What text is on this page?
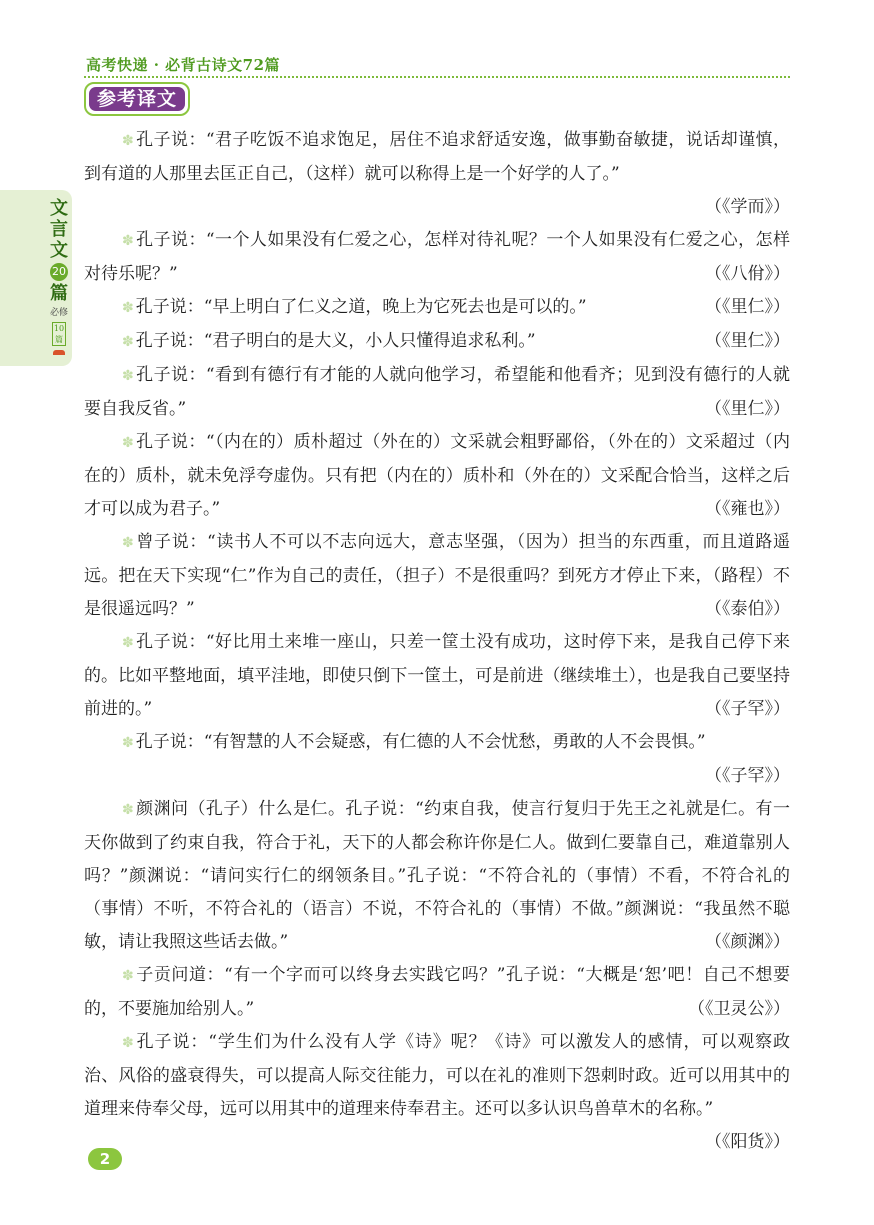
高考快递 · 必背古诗文72篇
参考译文
文
言
文
20
篇
必修
10篇

✽ 孔子说：“君子吃饭不追求饱足，居住不追求舒适安逸，做事勤奋敏捷，说话却谨慎，到有道的人那里去匡正自己，（这样）就可以称得上是一个好学的人了。”

（《学而》）

✽ 孔子说：“一个人如果没有仁爱之心，怎样对待礼呢？一个人如果没有仁爱之心，怎样对待乐呢？”	（《八佾》）

✽ 孔子说：“早上明白了仁义之道，晚上为它死去也是可以的。”	（《里仁》）

✽ 孔子说：“君子明白的是大义，小人只懂得追求私利。”	（《里仁》）

✽ 孔子说：“看到有德行有才能的人就向他学习，希望能和他看齐；见到没有德行的人就要自我反省。”	（《里仁》）

✽ 孔子说：“（内在的）质朴超过（外在的）文采就会粗野鄙俗，（外在的）文采超过（内在的）质朴，就未免浮夸虚伪。只有把（内在的）质朴和（外在的）文采配合恰当，这样之后才可以成为君子。”	（《雍也》）

✽ 曾子说：“读书人不可以不志向远大，意志坚强，（因为）担当的东西重，而且道路遥远。把在天下实现“仁”作为自己的责任，（担子）不是很重吗？到死方才停止下来，（路程）不是很遥远吗？”	（《泰伯》）

✽ 孔子说：“好比用土来堆一座山，只差一筐土没有成功，这时停下来，是我自己停下来的。比如平整地面，填平洼地，即使只倒下一筐土，可是前进（继续堆土），也是我自己要坚持前进的。”	（《子罕》）

✽ 孔子说：“有智慧的人不会疑惑，有仁德的人不会忧愁，勇敢的人不会畏惧。”

（《子罕》）

✽ 颜渊问（孔子）什么是仁。孔子说：“约束自我，使言行复归于先王之礼就是仁。有一天你做到了约束自我，符合于礼，天下的人都会称许你是仁人。做到仁要靠自己，难道靠别人吗？”颜渊说：“请问实行仁的纲领条目。”孔子说：“不符合礼的（事情）不看，不符合礼的（事情）不听，不符合礼的（语言）不说，不符合礼的（事情）不做。”颜渊说：“我虽然不聪敏，请让我照这些话去做。”	（《颜渊》）

✽ 子贡问道：“有一个字而可以终身去实践它吗？”孔子说：“大概是‘恕’吧！自己不想要的，不要施加给别人。”	（《卫灵公》）

✽ 孔子说：“学生们为什么没有人学《诗》呢？《诗》可以激发人的感情，可以观察政治、风俗的盛衰得失，可以提高人际交往能力，可以在礼的准则下怨刺时政。近可以用其中的道理来侍奉父母，远可以用其中的道理来侍奉君主。还可以多认识鸟兽草木的名称。”
（《阳货》）

2
